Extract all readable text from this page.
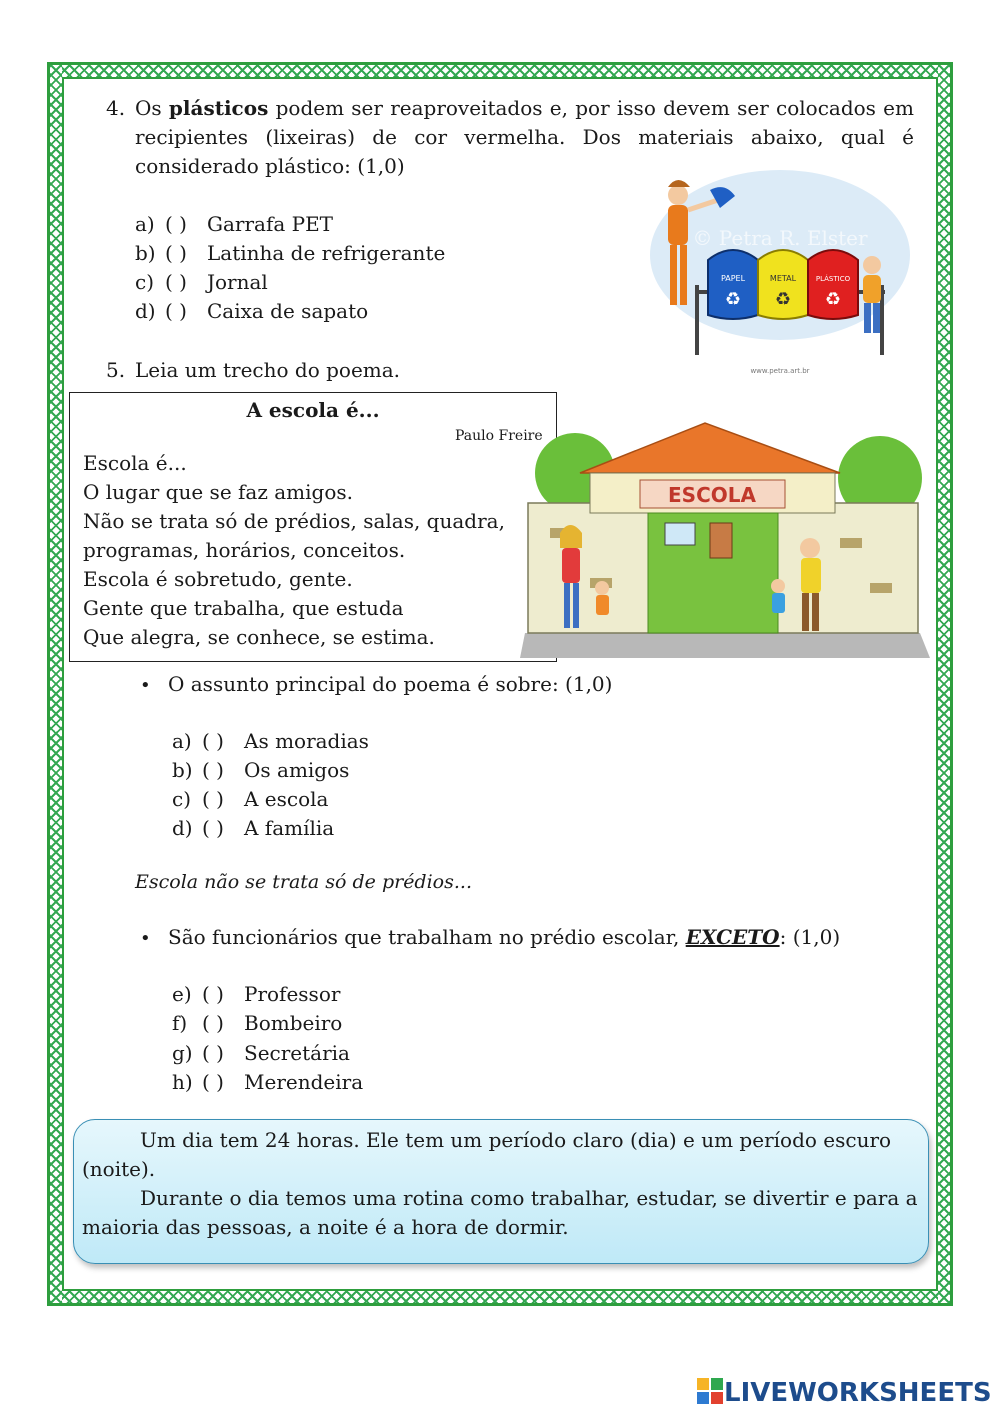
4. Os plásticos podem ser reaproveitados e, por isso devem ser colocados em recipientes (lixeiras) de cor vermelha. Dos materiais abaixo, qual é considerado plástico: (1,0)
a) ( ) Garrafa PET
b) ( ) Latinha de refrigerante
c) ( ) Jornal
d) ( ) Caixa de sapato
PAPEL
♻
METAL
♻
PLÁSTICO
♻
© Petra R. Elster
www.petra.art.br
5. Leia um trecho do poema.
A escola é...
Paulo Freire
Escola é...
O lugar que se faz amigos.
Não se trata só de prédios, salas, quadra,
programas, horários, conceitos.
Escola é sobretudo, gente.
Gente que trabalha, que estuda
Que alegra, se conhece, se estima.
ESCOLA
• O assunto principal do poema é sobre: (1,0)
a) ( ) As moradias
b) ( ) Os amigos
c) ( ) A escola
d) ( ) A família
Escola não se trata só de prédios...
• São funcionários que trabalham no prédio escolar, EXCETO: (1,0)
e) ( ) Professor
f) ( ) Bombeiro
g) ( ) Secretária
h) ( ) Merendeira

Um dia tem 24 horas. Ele tem um período claro (dia) e um período escuro (noite).

Durante o dia temos uma rotina como trabalhar, estudar, se divertir e para a maioria das pessoas, a noite é a hora de dormir.

LIVEWORKSHEETS
